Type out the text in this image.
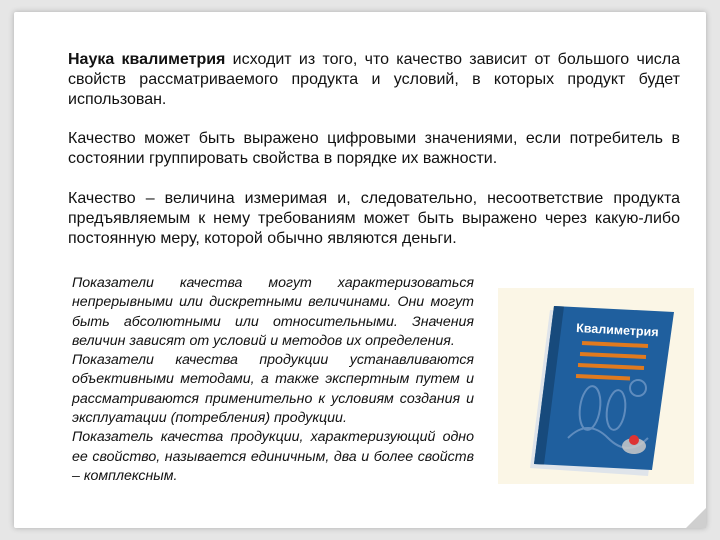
Наука квалиметрия исходит из того, что качество зависит от большого числа свойств рассматриваемого продукта и условий, в которых продукт будет использован.

Качество может быть выражено цифровыми значениями, если потребитель в состоянии группировать свойства в порядке их важности.

Качество – величина измеримая и, следовательно, несоответствие продукта предъявляемым к нему требованиям может быть выражено через какую-либо постоянную меру, которой обычно являются деньги.

Показатели качества могут характеризоваться непрерывными или дискретными величинами. Они могут быть абсолютными или относительными. Значения величин зависят от условий и методов их определения.

Показатели качества продукции устанавливаются объективными методами, а также экспертным путем и рассматриваются применительно к условиям создания и эксплуатации (потребления) продукции.

Показатель качества продукции, характеризующий одно ее свойство, называется единичным, два и более свойств – комплексным.

Квалиметрия
